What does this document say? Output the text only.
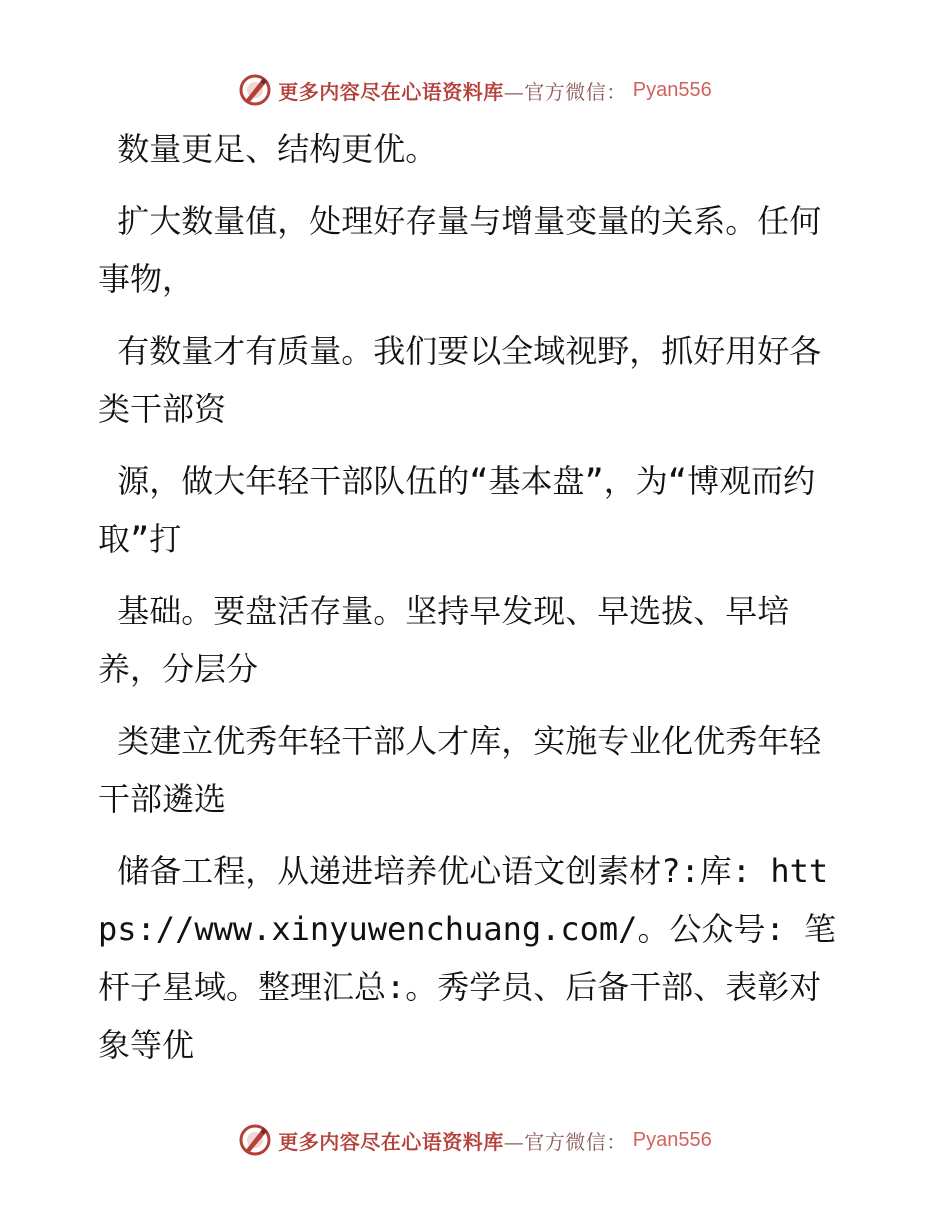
更多内容尽在心语资料库—官方微信： Pyan556

数量更足、结构更优。

扩大数量值，处理好存量与增量变量的关系。任何事物，

有数量才有质量。我们要以全域视野，抓好用好各类干部资

源，做大年轻干部队伍的“基本盘”，为“博观而约取”打

基础。要盘活存量。坚持早发现、早选拔、早培养，分层分

类建立优秀年轻干部人才库，实施专业化优秀年轻干部遴选

储备工程，从递进培养优心语文创素材?:库: https://www.xinyuwenchuang.com/。公众号: 笔杆子星域。整理汇总:。秀学员、后备干部、表彰对象等优

更多内容尽在心语资料库—官方微信： Pyan556
